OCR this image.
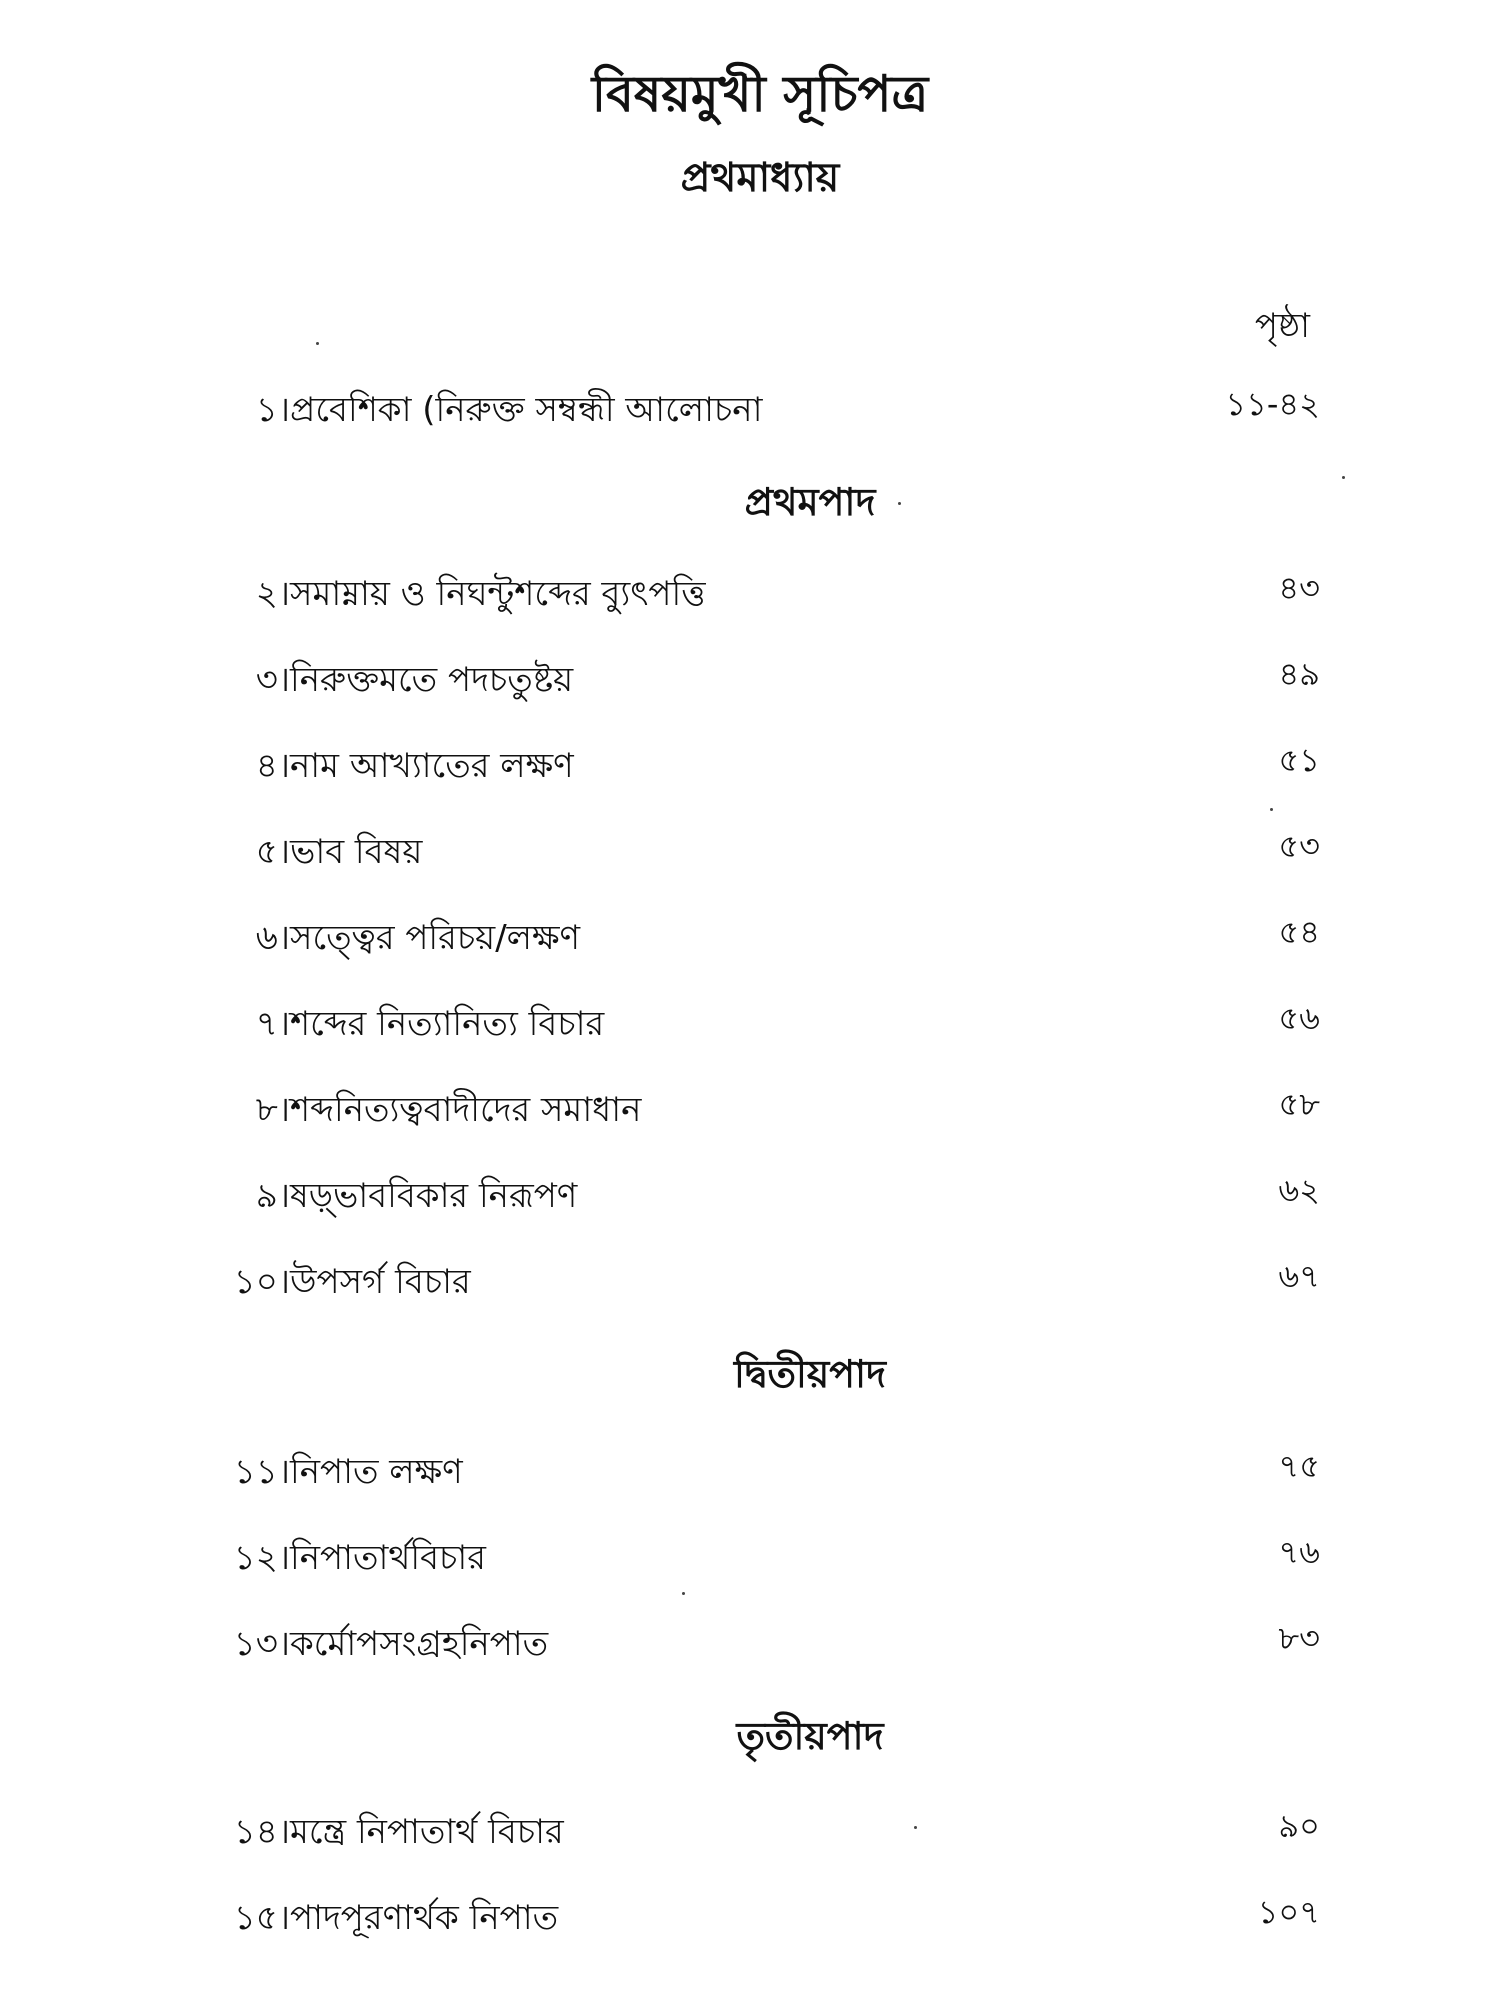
বিষয়মুখী সূচিপত্র
প্রথমাধ্যায়
পৃষ্ঠা
১। প্রবেশিকা (নিরুক্ত সম্বন্ধী আলোচনা	১১-৪২
প্রথমপাদ
২। সমাম্নায় ও নিঘন্টুশব্দের ব্যুৎপত্তি	৪৩
৩। নিরুক্তমতে পদচতুষ্টয়	৪৯
৪। নাম আখ্যাতের লক্ষণ	৫১
৫। ভাব বিষয়	৫৩
৬। সত্ত্বের পরিচয়/লক্ষণ	৫৪
৭। শব্দের নিত্যানিত্য বিচার	৫৬
৮। শব্দনিত্যত্ববাদীদের সমাধান	৫৮
৯। ষড়্ভাববিকার নিরূপণ	৬২
১০। উপসর্গ বিচার	৬৭
দ্বিতীয়পাদ
১১। নিপাত লক্ষণ	৭৫
১২। নিপাতার্থবিচার	৭৬
১৩। কর্মোপসংগ্রহনিপাত	৮৩
তৃতীয়পাদ
১৪। মন্ত্রে নিপাতার্থ বিচার	৯০
১৫। পাদপূরণার্থক নিপাত	১০৭
